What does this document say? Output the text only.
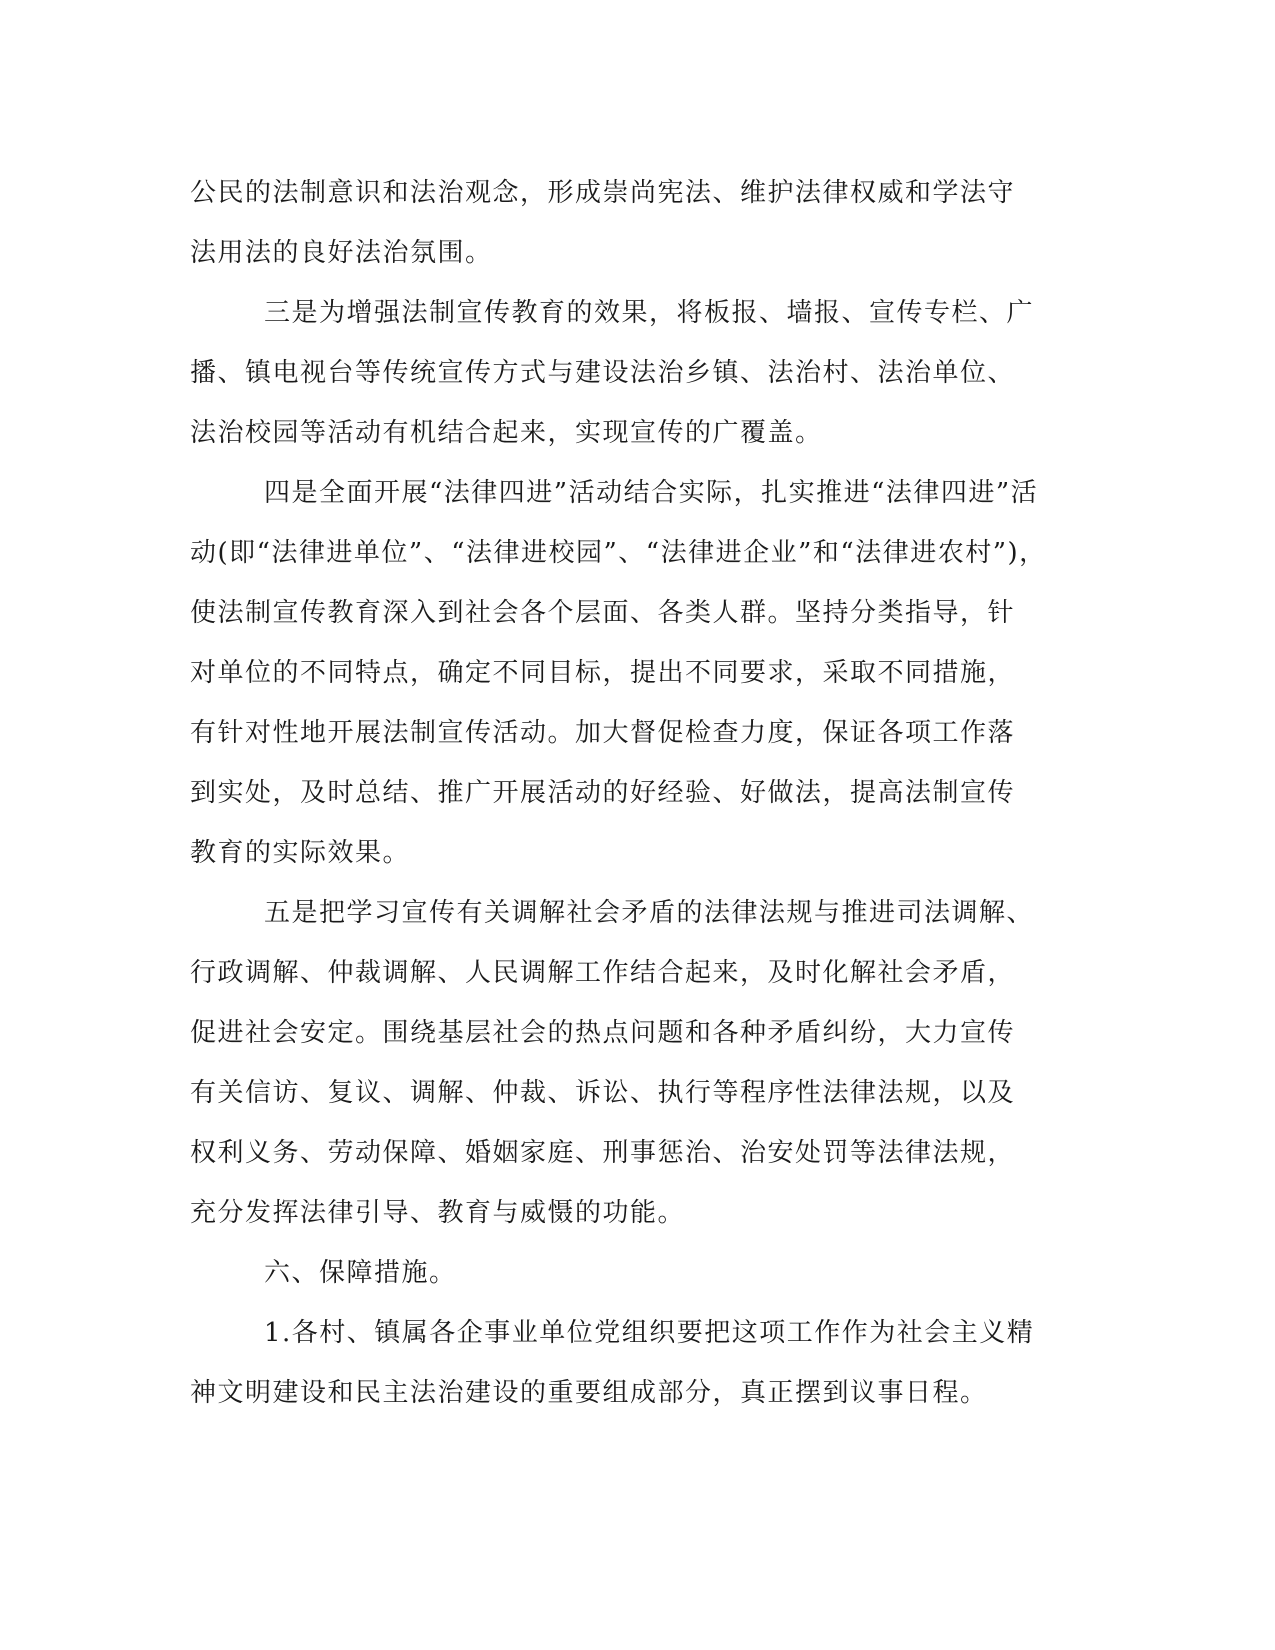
公民的法制意识和法治观念，形成崇尚宪法、维护法律权威和学法守
法用法的良好法治氛围。
三是为增强法制宣传教育的效果，将板报、墙报、宣传专栏、广
播、镇电视台等传统宣传方式与建设法治乡镇、法治村、法治单位、
法治校园等活动有机结合起来，实现宣传的广覆盖。
四是全面开展“法律四进”活动结合实际，扎实推进“法律四进”活
动(即“法律进单位”、“法律进校园”、“法律进企业”和“法律进农村”)，
使法制宣传教育深入到社会各个层面、各类人群。坚持分类指导，针
对单位的不同特点，确定不同目标，提出不同要求，采取不同措施，
有针对性地开展法制宣传活动。加大督促检查力度，保证各项工作落
到实处，及时总结、推广开展活动的好经验、好做法，提高法制宣传
教育的实际效果。
五是把学习宣传有关调解社会矛盾的法律法规与推进司法调解、
行政调解、仲裁调解、人民调解工作结合起来，及时化解社会矛盾，
促进社会安定。围绕基层社会的热点问题和各种矛盾纠纷，大力宣传
有关信访、复议、调解、仲裁、诉讼、执行等程序性法律法规，以及
权利义务、劳动保障、婚姻家庭、刑事惩治、治安处罚等法律法规，
充分发挥法律引导、教育与威慑的功能。
六、保障措施。
1.各村、镇属各企事业单位党组织要把这项工作作为社会主义精
神文明建设和民主法治建设的重要组成部分，真正摆到议事日程。
